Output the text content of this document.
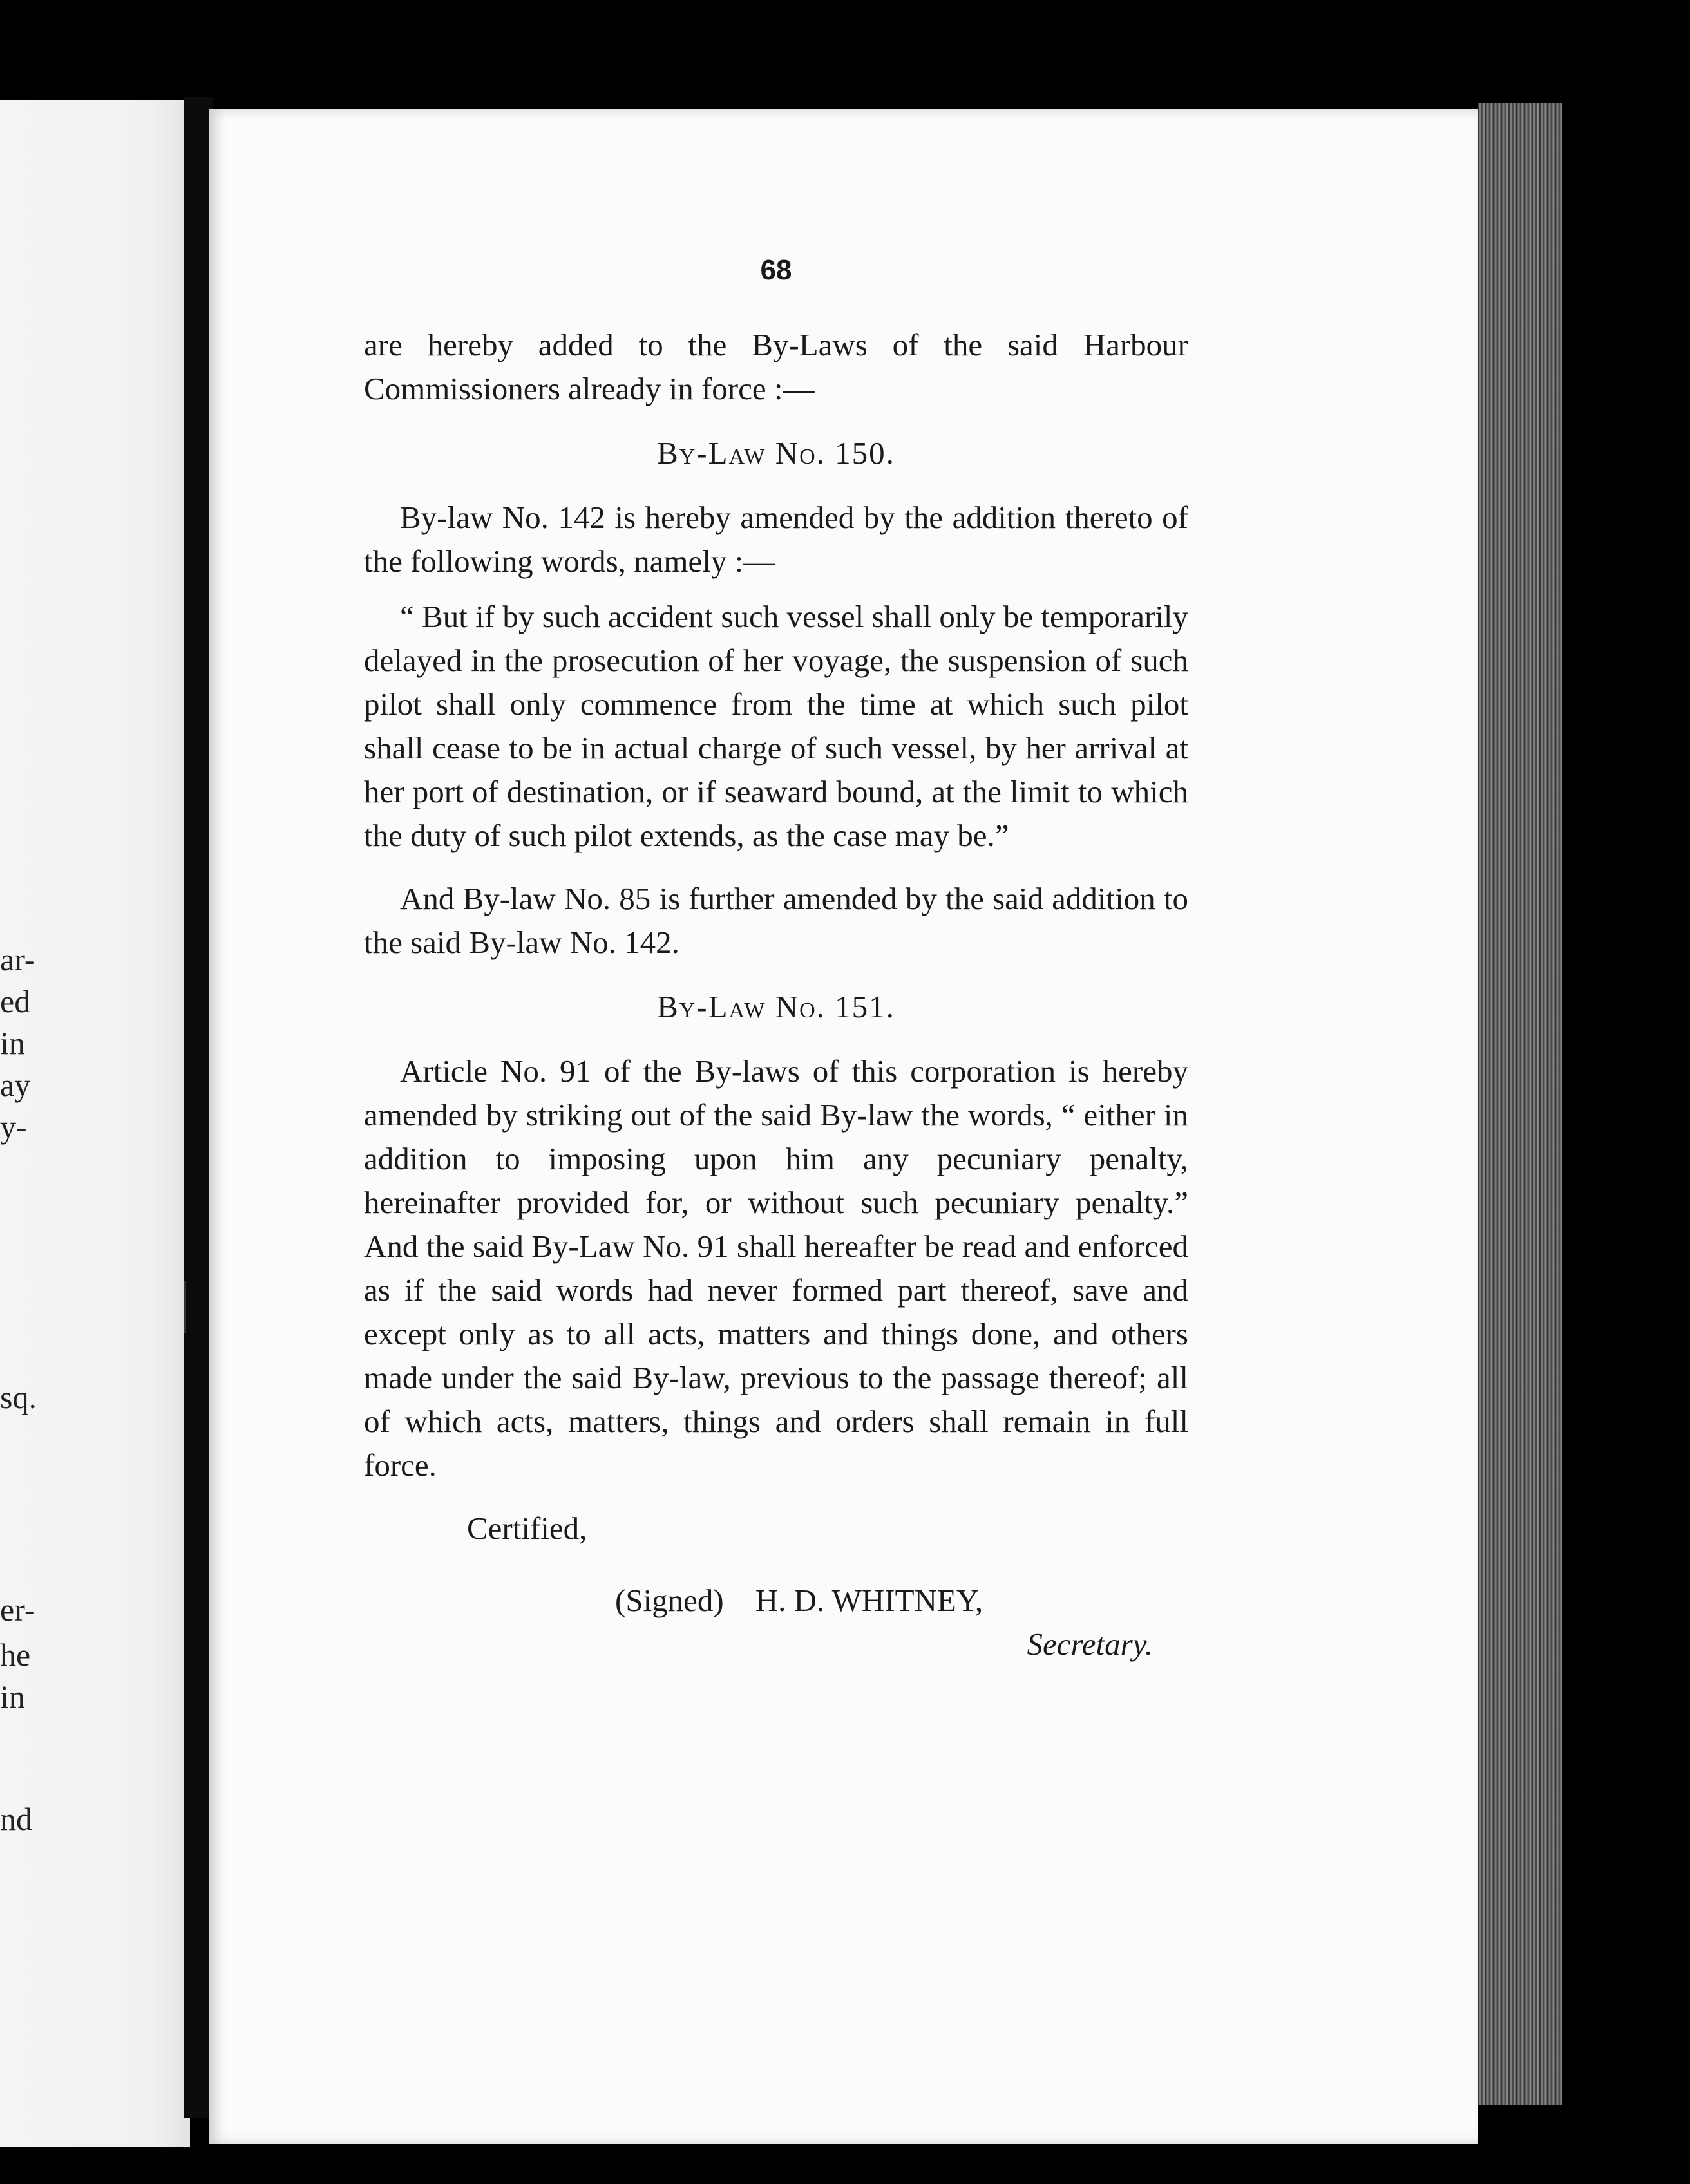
ar-
ed
in
ay
y-
sq.
er-
he
in
nd
68

are hereby added to the By-Laws of the said Harbour Commissioners already in force :—

By-Law No. 150.

By-law No. 142 is hereby amended by the addition thereto of the following words, namely :—

“ But if by such accident such vessel shall only be temporarily delayed in the prosecution of her voyage, the suspension of such pilot shall only commence from the time at which such pilot shall cease to be in actual charge of such vessel, by her arrival at her port of destination, or if seaward bound, at the limit to which the duty of such pilot extends, as the case may be.”

And By-law No. 85 is further amended by the said addition to the said By-law No. 142.

By-Law No. 151.

Article No. 91 of the By-laws of this corporation is hereby amended by striking out of the said By-law the words, “ either in addition to imposing upon him any pecuniary penalty, hereinafter provided for, or without such pecuniary penalty.” And the said By-Law No. 91 shall hereafter be read and enforced as if the said words had never formed part thereof, save and except only as to all acts, matters and things done, and others made under the said By-law, previous to the passage thereof; all of which acts, matters, things and orders shall remain in full force.

Certified,

(Signed)    H. D. WHITNEY,

Secretary.
